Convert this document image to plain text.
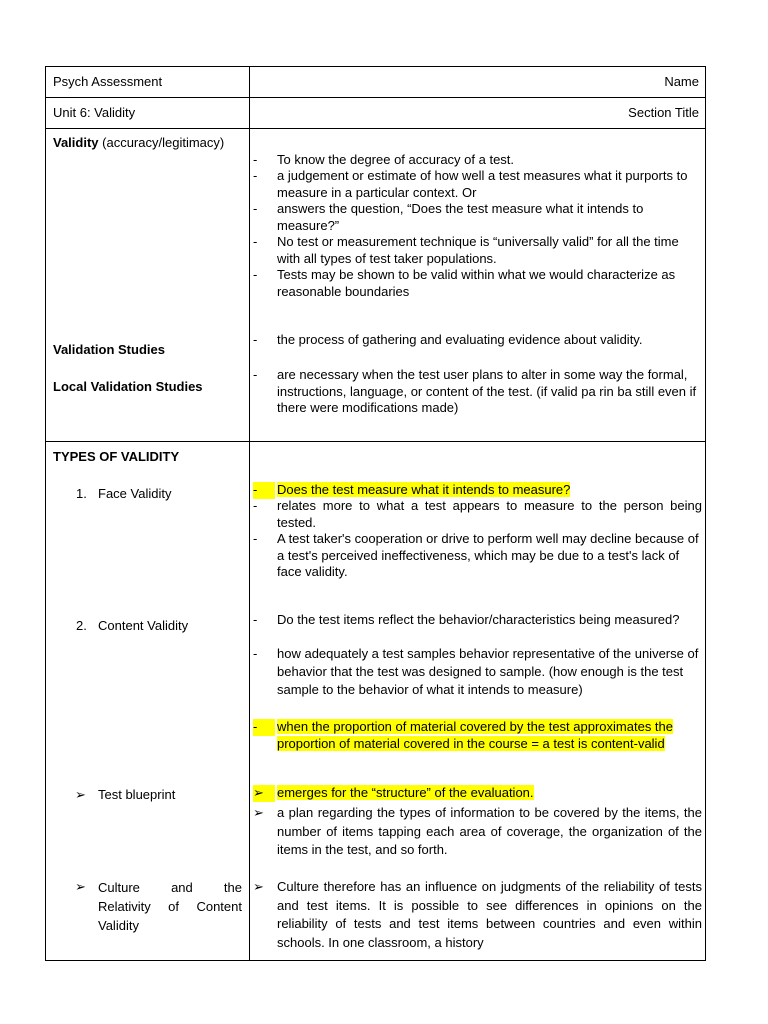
Psych Assessment	Name
Unit 6: Validity	Section Title
Validity (accuracy/legitimacy)
-	To know the degree of accuracy of a test.
-	a judgement or estimate of how well a test measures what it purports to measure in a particular context. Or
-	answers the question, “Does the test measure what it intends to measure?”
-	No test or measurement technique is “universally valid” for all the time with all types of test taker populations.
-	Tests may be shown to be valid within what we would characterize as reasonable boundaries
Validation Studies
-	the process of gathering and evaluating evidence about validity.
Local Validation Studies
-	are necessary when the test user plans to alter in some way the formal, instructions, language, or content of the test. (if valid pa rin ba still even if there were modifications made)
TYPES OF VALIDITY
1. Face Validity	-	Does the test measure what it intends to measure?
-	relates more to what a test appears to measure to the person being tested.
-	A test taker's cooperation or drive to perform well may decline because of a test's perceived ineffectiveness, which may be due to a test's lack of face validity.
2. Content Validity	-	Do the test items reflect the behavior/characteristics being measured?
-	how adequately a test samples behavior representative of the universe of behavior that the test was designed to sample. (how enough is the test sample to the behavior of what it intends to measure)
-	when the proportion of material covered by the test approximates the proportion of material covered in the course = a test is content-valid
➢ Test blueprint	➢	emerges for the “structure” of the evaluation.
➢	a plan regarding the types of information to be covered by the items, the number of items tapping each area of coverage, the organization of the items in the test, and so forth.
➢ Culture and the Relativity of Content Validity
➢	Culture therefore has an influence on judgments of the reliability of tests and test items. It is possible to see differences in opinions on the reliability of tests and test items between countries and even within schools. In one classroom, a history
